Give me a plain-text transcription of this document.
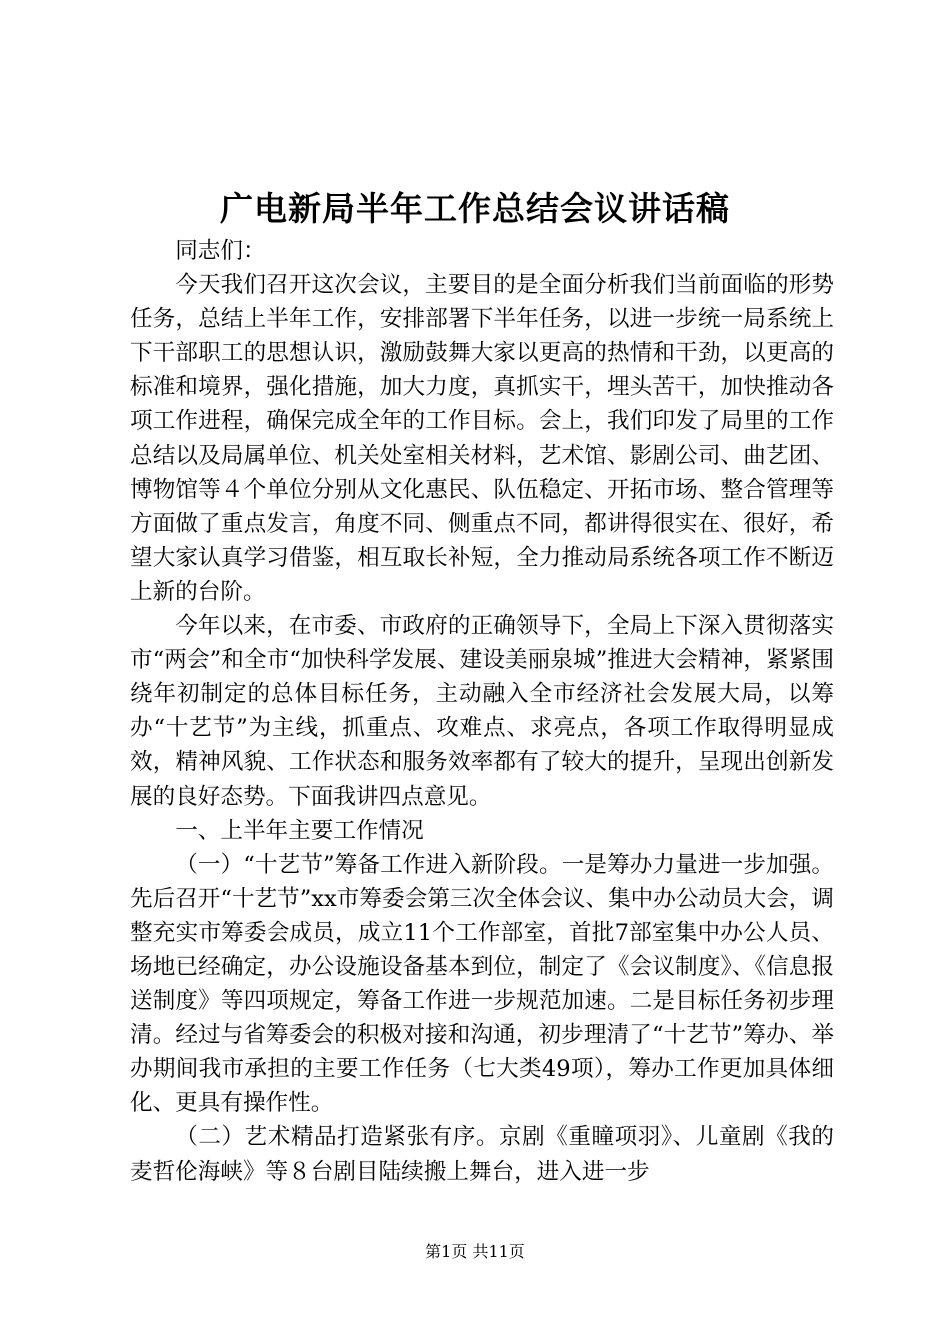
广电新局半年工作总结会议讲话稿

同志们：

今天我们召开这次会议，主要目的是全面分析我们当前面临的形势任务，总结上半年工作，安排部署下半年任务，以进一步统一局系统上下干部职工的思想认识，激励鼓舞大家以更高的热情和干劲，以更高的标准和境界，强化措施，加大力度，真抓实干，埋头苦干，加快推动各项工作进程，确保完成全年的工作目标。会上，我们印发了局里的工作总结以及局属单位、机关处室相关材料，艺术馆、影剧公司、曲艺团、博物馆等４个单位分别从文化惠民、队伍稳定、开拓市场、整合管理等方面做了重点发言，角度不同、侧重点不同，都讲得很实在、很好，希望大家认真学习借鉴，相互取长补短，全力推动局系统各项工作不断迈上新的台阶。

今年以来，在市委、市政府的正确领导下，全局上下深入贯彻落实市“两会”和全市“加快科学发展、建设美丽泉城”推进大会精神，紧紧围绕年初制定的总体目标任务，主动融入全市经济社会发展大局，以筹办“十艺节”为主线，抓重点、攻难点、求亮点，各项工作取得明显成效，精神风貌、工作状态和服务效率都有了较大的提升，呈现出创新发展的良好态势。下面我讲四点意见。

一、上半年主要工作情况

（一）“十艺节”筹备工作进入新阶段。一是筹办力量进一步加强。先后召开“十艺节”xx市筹委会第三次全体会议、集中办公动员大会，调整充实市筹委会成员，成立11个工作部室，首批7部室集中办公人员、场地已经确定，办公设施设备基本到位，制定了《会议制度》、《信息报送制度》等四项规定，筹备工作进一步规范加速。二是目标任务初步理清。经过与省筹委会的积极对接和沟通，初步理清了“十艺节”筹办、举办期间我市承担的主要工作任务（七大类49项），筹办工作更加具体细化、更具有操作性。

（二）艺术精品打造紧张有序。京剧《重瞳项羽》、儿童剧《我的麦哲伦海峡》等８台剧目陆续搬上舞台，进入进一步

第1页 共11页
